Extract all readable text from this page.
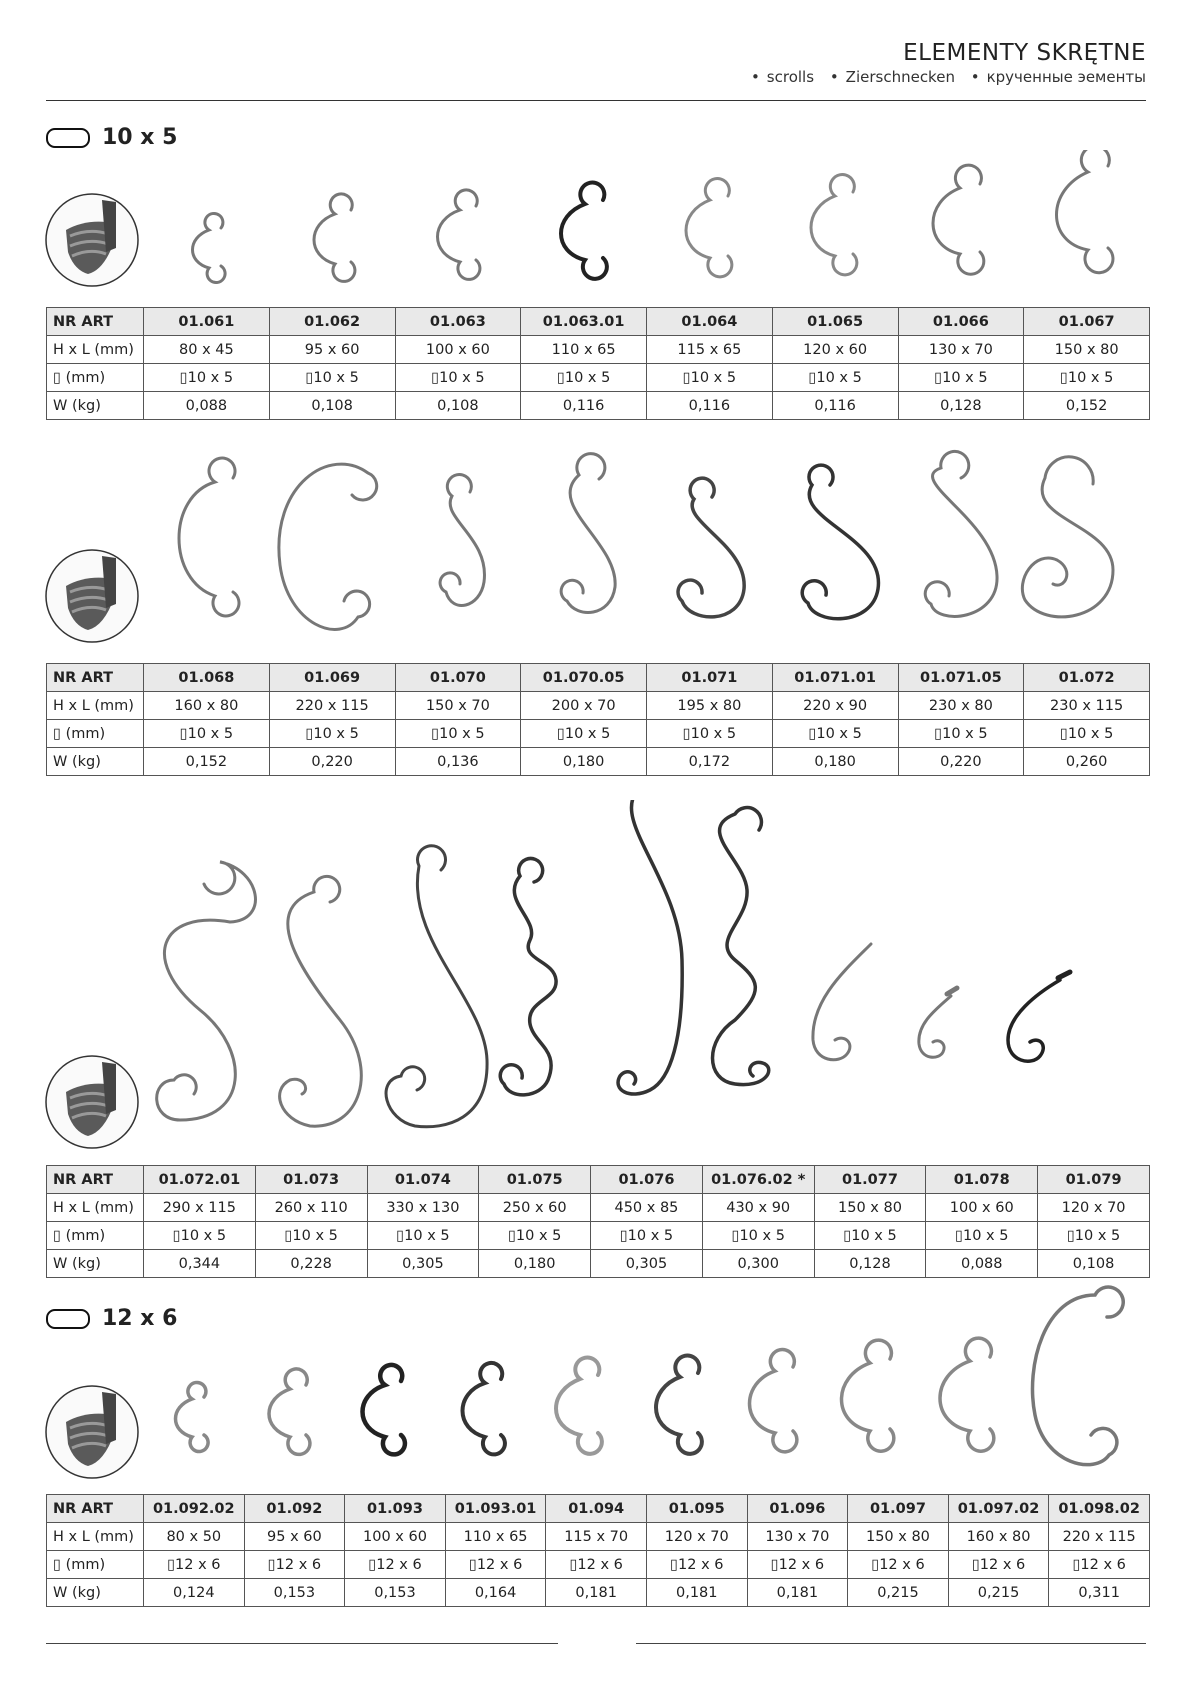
ELEMENTY SKRĘTNE
• scrolls • Zierschnecken • крученные эементы
10 x 5
NR ART	01.061	01.062	01.063	01.063.01	01.064	01.065	01.066	01.067
H x L (mm)	80 x 45	95 x 60	100 x 60	110 x 65	115 x 65	120 x 60	130 x 70	150 x 80
▯ (mm)	▯10 x 5	▯10 x 5	▯10 x 5	▯10 x 5	▯10 x 5	▯10 x 5	▯10 x 5	▯10 x 5
W (kg)	0,088	0,108	0,108	0,116	0,116	0,116	0,128	0,152
NR ART	01.068	01.069	01.070	01.070.05	01.071	01.071.01	01.071.05	01.072
H x L (mm)	160 x 80	220 x 115	150 x 70	200 x 70	195 x 80	220 x 90	230 x 80	230 x 115
▯ (mm)	▯10 x 5	▯10 x 5	▯10 x 5	▯10 x 5	▯10 x 5	▯10 x 5	▯10 x 5	▯10 x 5
W (kg)	0,152	0,220	0,136	0,180	0,172	0,180	0,220	0,260
NR ART	01.072.01	01.073	01.074	01.075	01.076	01.076.02 *	01.077	01.078	01.079
H x L (mm)	290 x 115	260 x 110	330 x 130	250 x 60	450 x 85	430 x 90	150 x 80	100 x 60	120 x 70
▯ (mm)	▯10 x 5	▯10 x 5	▯10 x 5	▯10 x 5	▯10 x 5	▯10 x 5	▯10 x 5	▯10 x 5	▯10 x 5
W (kg)	0,344	0,228	0,305	0,180	0,305	0,300	0,128	0,088	0,108
12 x 6
NR ART	01.092.02	01.092	01.093	01.093.01	01.094	01.095	01.096	01.097	01.097.02	01.098.02
H x L (mm)	80 x 50	95 x 60	100 x 60	110 x 65	115 x 70	120 x 70	130 x 70	150 x 80	160 x 80	220 x 115
▯ (mm)	▯12 x 6	▯12 x 6	▯12 x 6	▯12 x 6	▯12 x 6	▯12 x 6	▯12 x 6	▯12 x 6	▯12 x 6	▯12 x 6
W (kg)	0,124	0,153	0,153	0,164	0,181	0,181	0,181	0,215	0,215	0,311
